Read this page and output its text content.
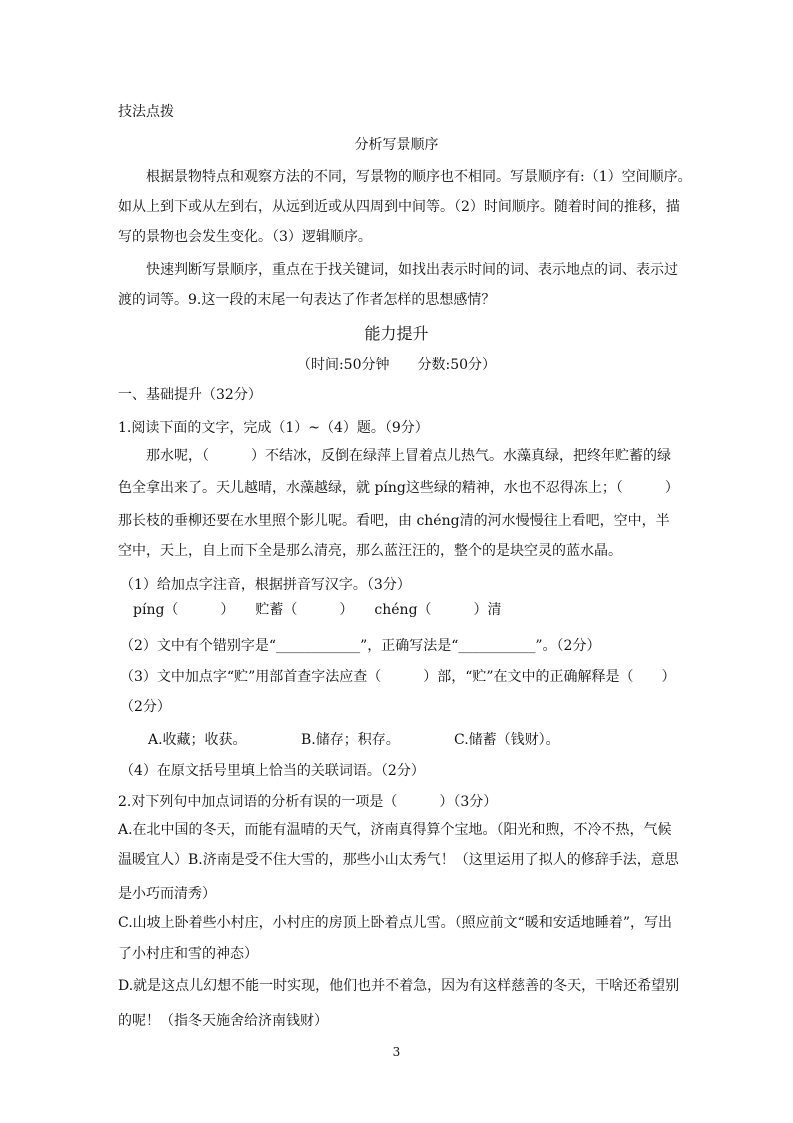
技法点拨
分析写景顺序
根据景物特点和观察方法的不同，写景物的顺序也不相同。写景顺序有:（1）空间顺序。
如从上到下或从左到右，从远到近或从四周到中间等。（2）时间顺序。随着时间的推移，描
写的景物也会发生变化。（3）逻辑顺序。
快速判断写景顺序，重点在于找关键词，如找出表示时间的词、表示地点的词、表示过
渡的词等。9.这一段的末尾一句表达了作者怎样的思想感情？
能力提升
（时间:50分钟　　分数:50分）
一、基础提升（32分）
1.阅读下面的文字，完成（1）~（4）题。（9分）
那水呢，（　　　）不结冰，反倒在绿萍上冒着点儿热气。水藻真绿，把终年贮蓄的绿
色全拿出来了。天儿越晴，水藻越绿，就 píng这些绿的精神，水也不忍得冻上；（　　　）
那长枝的垂柳还要在水里照个影儿呢。看吧，由 chéng清的河水慢慢往上看吧，空中，半
空中，天上，自上而下全是那么清亮，那么蓝汪汪的，整个的是块空灵的蓝水晶。
（1）给加点字注音，根据拼音写汉字。（3分）
píng（　　　）　　贮蓄（　　　）　　chéng（　　　）清
（2）文中有个错别字是“____________”，正确写法是“___________”。（2分）
（3）文中加点字“贮”用部首查字法应查（　　　）部，“贮”在文中的正确解释是（　　）
（2分）
A.收藏；收获。	B.储存；积存。	C.储蓄（钱财）。
（4）在原文括号里填上恰当的关联词语。（2分）
2.对下列句中加点词语的分析有误的一项是（　　　）（3分）
A.在北中国的冬天，而能有温晴的天气，济南真得算个宝地。（阳光和煦，不冷不热，气候
温暖宜人）B.济南是受不住大雪的，那些小山太秀气！（这里运用了拟人的修辞手法，意思
是小巧而清秀）
C.山坡上卧着些小村庄，小村庄的房顶上卧着点儿雪。（照应前文“暖和安适地睡着”，写出
了小村庄和雪的神态）
D.就是这点儿幻想不能一时实现，他们也并不着急，因为有这样慈善的冬天，干啥还希望别
的呢！（指冬天施舍给济南钱财）
3
